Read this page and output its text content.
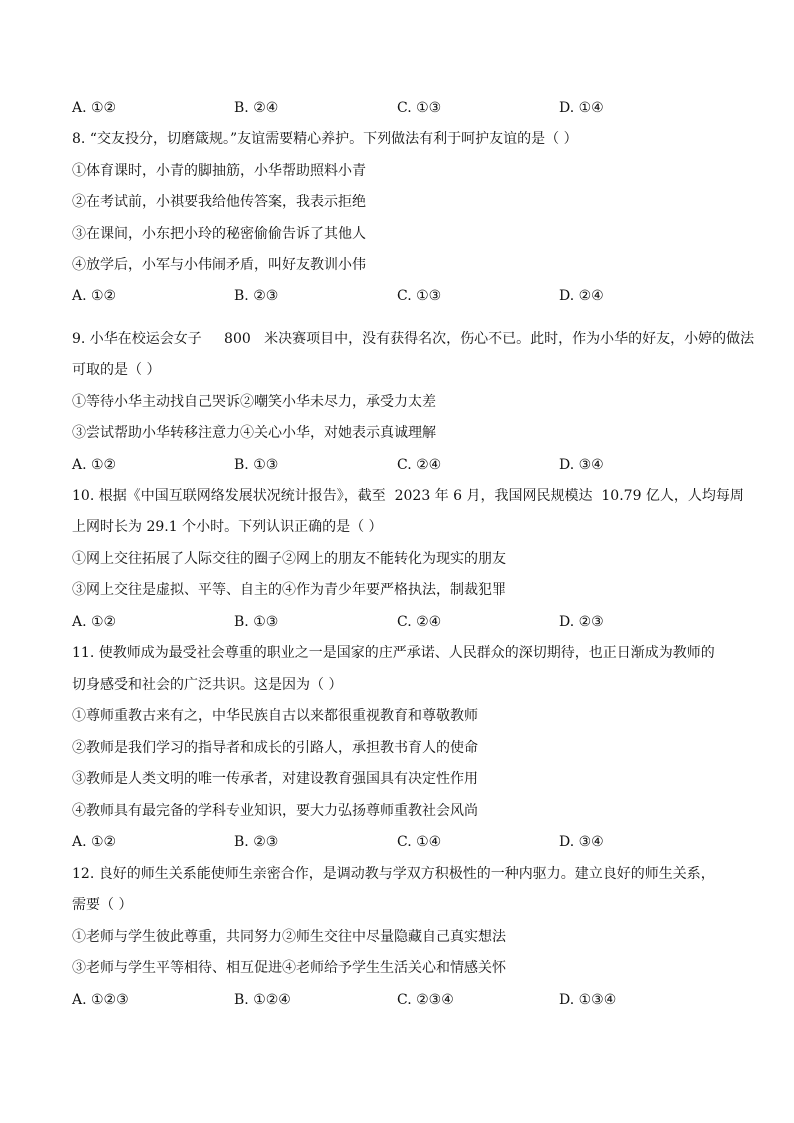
A. ①②	B. ②④	C. ①③	D. ①④
8. “交友投分，切磨箴规。”友谊需要精心养护。下列做法有利于呵护友谊的是（ ）
①体育课时，小青的脚抽筋，小华帮助照料小青
②在考试前，小祺要我给他传答案，我表示拒绝
③在课间，小东把小玲的秘密偷偷告诉了其他人
④放学后，小军与小伟闹矛盾，叫好友教训小伟
A. ①②	B. ②③	C. ①③	D. ②④
9. 小华在校运会女子     800   米决赛项目中，没有获得名次，伤心不已。此时，作为小华的好友，小婷的做法
可取的是（ ）
①等待小华主动找自己哭诉②嘲笑小华未尽力，承受力太差
③尝试帮助小华转移注意力④关心小华，对她表示真诚理解
A. ①②	B. ①③	C. ②④	D. ③④
10. 根据《中国互联网络发展状况统计报告》，截至  2023 年 6 月，我国网民规模达  10.79 亿人，人均每周
上网时长为 29.1 个小时。下列认识正确的是（ ）
①网上交往拓展了人际交往的圈子②网上的朋友不能转化为现实的朋友
③网上交往是虚拟、平等、自主的④作为青少年要严格执法，制裁犯罪
A. ①②	B. ①③	C. ②④	D. ②③
11. 使教师成为最受社会尊重的职业之一是国家的庄严承诺、人民群众的深切期待，也正日渐成为教师的
切身感受和社会的广泛共识。这是因为（ ）
①尊师重教古来有之，中华民族自古以来都很重视教育和尊敬教师
②教师是我们学习的指导者和成长的引路人，承担教书育人的使命
③教师是人类文明的唯一传承者，对建设教育强国具有决定性作用
④教师具有最完备的学科专业知识，要大力弘扬尊师重教社会风尚
A. ①②	B. ②③	C. ①④	D. ③④
12. 良好的师生关系能使师生亲密合作，是调动教与学双方积极性的一种内驱力。建立良好的师生关系，
需要（ ）
①老师与学生彼此尊重，共同努力②师生交往中尽量隐藏自己真实想法
③老师与学生平等相待、相互促进④老师给予学生生活关心和情感关怀
A. ①②③	B. ①②④	C. ②③④	D. ①③④
